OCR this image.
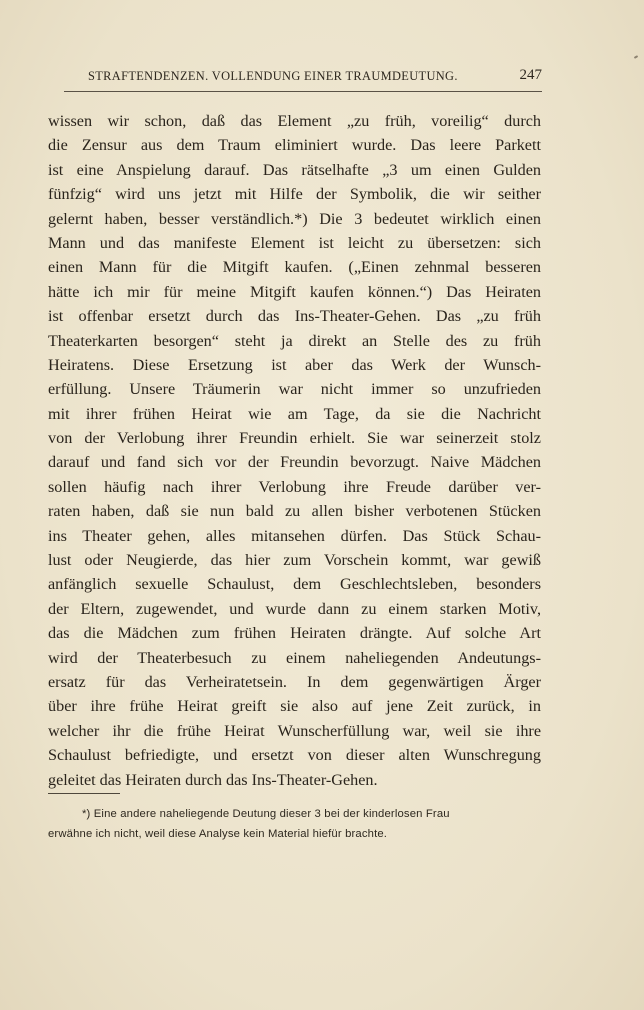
STRAFTENDENZEN. VOLLENDUNG EINER TRAUMDEUTUNG.	247
wissen wir schon, daß das Element „zu früh, voreilig“ durch
die Zensur aus dem Traum eliminiert wurde. Das leere Parkett
ist eine Anspielung darauf. Das rätselhafte „3 um einen Gulden
fünfzig“ wird uns jetzt mit Hilfe der Symbolik, die wir seither
gelernt haben, besser verständlich.*) Die 3 bedeutet wirklich einen
Mann und das manifeste Element ist leicht zu übersetzen: sich
einen Mann für die Mitgift kaufen. („Einen zehnmal besseren
hätte ich mir für meine Mitgift kaufen können.“) Das Heiraten
ist offenbar ersetzt durch das Ins-Theater-Gehen. Das „zu früh
Theaterkarten besorgen“ steht ja direkt an Stelle des zu früh
Heiratens. Diese Ersetzung ist aber das Werk der Wunsch-
erfüllung. Unsere Träumerin war nicht immer so unzufrieden
mit ihrer frühen Heirat wie am Tage, da sie die Nachricht
von der Verlobung ihrer Freundin erhielt. Sie war seinerzeit stolz
darauf und fand sich vor der Freundin bevorzugt. Naive Mädchen
sollen häufig nach ihrer Verlobung ihre Freude darüber ver-
raten haben, daß sie nun bald zu allen bisher verbotenen Stücken
ins Theater gehen, alles mitansehen dürfen. Das Stück Schau-
lust oder Neugierde, das hier zum Vorschein kommt, war gewiß
anfänglich sexuelle Schaulust, dem Geschlechtsleben, besonders
der Eltern, zugewendet, und wurde dann zu einem starken Motiv,
das die Mädchen zum frühen Heiraten drängte. Auf solche Art
wird der Theaterbesuch zu einem naheliegenden Andeutungs-
ersatz für das Verheiratetsein. In dem gegenwärtigen Ärger
über ihre frühe Heirat greift sie also auf jene Zeit zurück, in
welcher ihr die frühe Heirat Wunscherfüllung war, weil sie ihre
Schaulust befriedigte, und ersetzt von dieser alten Wunschregung
geleitet das Heiraten durch das Ins-Theater-Gehen.
*) Eine andere naheliegende Deutung dieser 3 bei der kinderlosen Frau
erwähne ich nicht, weil diese Analyse kein Material hiefür brachte.
